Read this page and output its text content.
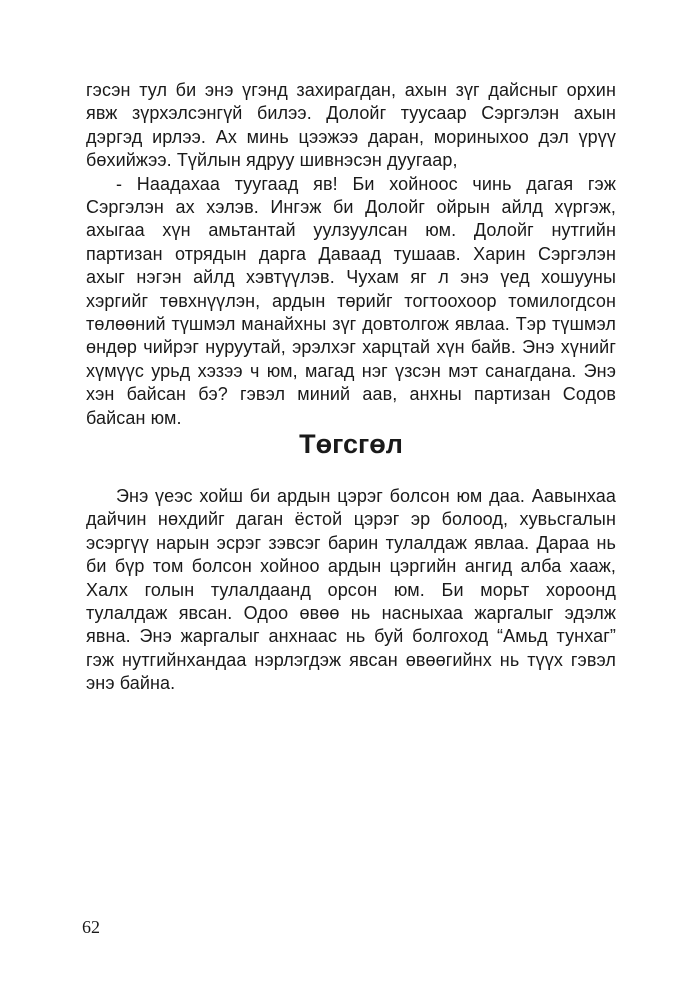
гэсэн тул би энэ үгэнд захирагдан, ахын зүг дайсныг орхин явж зүрхэлсэнгүй билээ. Долойг туусаар Сэргэлэн ахын дэргэд ирлээ. Ах минь цээжээ даран, мориныхоо дэл үрүү бөхийжээ. Түйлын ядруу шивнэсэн дуугаар,

- Наадахаа туугаад яв! Би хойноос чинь дагая гэж Сэргэлэн ах хэлэв. Ингэж би Долойг ойрын айлд хүргэж, ахыгаа хүн амьтантай уулзуулсан юм. Долойг нутгийн партизан отрядын дарга Даваад тушаав. Харин Сэргэлэн ахыг нэгэн айлд хэвтүүлэв. Чухам яг л энэ үед хошууны хэргийг төвхнүүлэн, ардын төрийг тогтоохоор томилогдсон төлөөний түшмэл манайхны зүг довтолгож явлаа. Тэр түшмэл өндөр чийрэг нуруутай, эрэлхэг харцтай хүн байв. Энэ хүнийг хүмүүс урьд хэзээ ч юм, магад нэг үзсэн мэт санагдана. Энэ хэн байсан бэ? гэвэл миний аав, анхны партизан Содов байсан юм.

Төгсгөл

Энэ үеэс хойш би ардын цэрэг болсон юм даа. Аавынхаа дайчин нөхдийг даган ёстой цэрэг эр болоод, хувьсгалын эсэргүү нарын эсрэг зэвсэг барин тулалдаж явлаа. Дараа нь би бүр том болсон хойноо ардын цэргийн ангид алба хааж, Халх голын тулалдаанд орсон юм. Би морьт хороонд тулалдаж явсан. Одоо өвөө нь насныхаа жаргалыг эдэлж явна. Энэ жаргалыг анхнаас нь буй болгоход “Амьд тунхаг” гэж нутгийнхандаа нэрлэгдэж явсан өвөөгийнх нь түүх гэвэл энэ байна.

62
